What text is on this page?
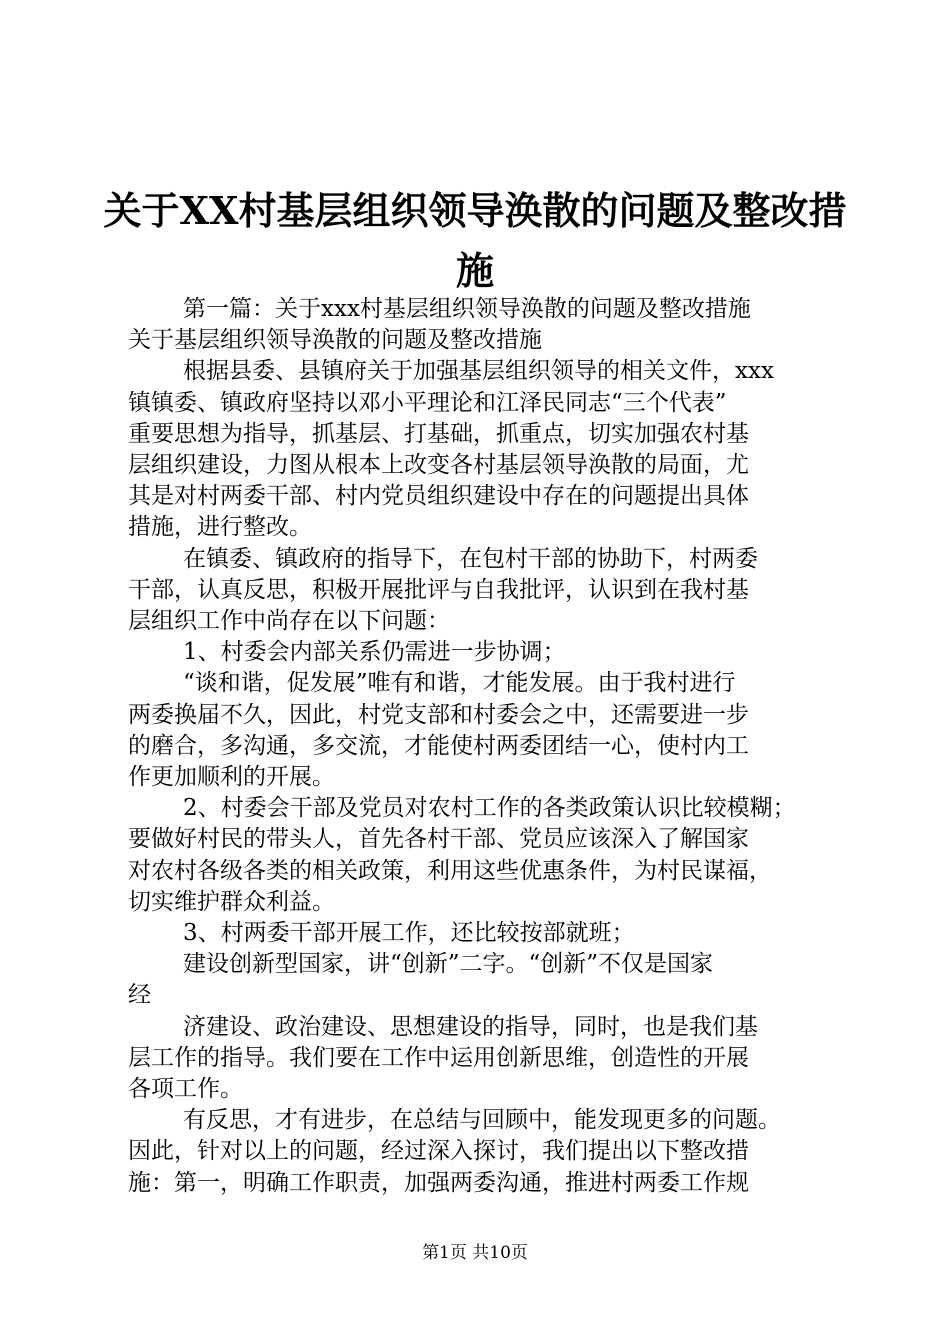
关于XX村基层组织领导涣散的问题及整改措
施
第一篇：关于xxx村基层组织领导涣散的问题及整改措施
关于基层组织领导涣散的问题及整改措施
根据县委、县镇府关于加强基层组织领导的相关文件，xxx
镇镇委、镇政府坚持以邓小平理论和江泽民同志“三个代表”
重要思想为指导，抓基层、打基础，抓重点，切实加强农村基
层组织建设，力图从根本上改变各村基层领导涣散的局面，尤
其是对村两委干部、村内党员组织建设中存在的问题提出具体
措施，进行整改。
在镇委、镇政府的指导下，在包村干部的协助下，村两委
干部，认真反思，积极开展批评与自我批评，认识到在我村基
层组织工作中尚存在以下问题：
1、村委会内部关系仍需进一步协调；
“谈和谐，促发展”唯有和谐，才能发展。由于我村进行
两委换届不久，因此，村党支部和村委会之中，还需要进一步
的磨合，多沟通，多交流，才能使村两委团结一心，使村内工
作更加顺利的开展。
2、村委会干部及党员对农村工作的各类政策认识比较模糊；
要做好村民的带头人，首先各村干部、党员应该深入了解国家
对农村各级各类的相关政策，利用这些优惠条件，为村民谋福，
切实维护群众利益。
3、村两委干部开展工作，还比较按部就班；
建设创新型国家，讲“创新”二字。“创新”不仅是国家
经
济建设、政治建设、思想建设的指导，同时，也是我们基
层工作的指导。我们要在工作中运用创新思维，创造性的开展
各项工作。
有反思，才有进步，在总结与回顾中，能发现更多的问题。
因此，针对以上的问题，经过深入探讨，我们提出以下整改措
施：第一，明确工作职责，加强两委沟通，推进村两委工作规
第1页 共10页
